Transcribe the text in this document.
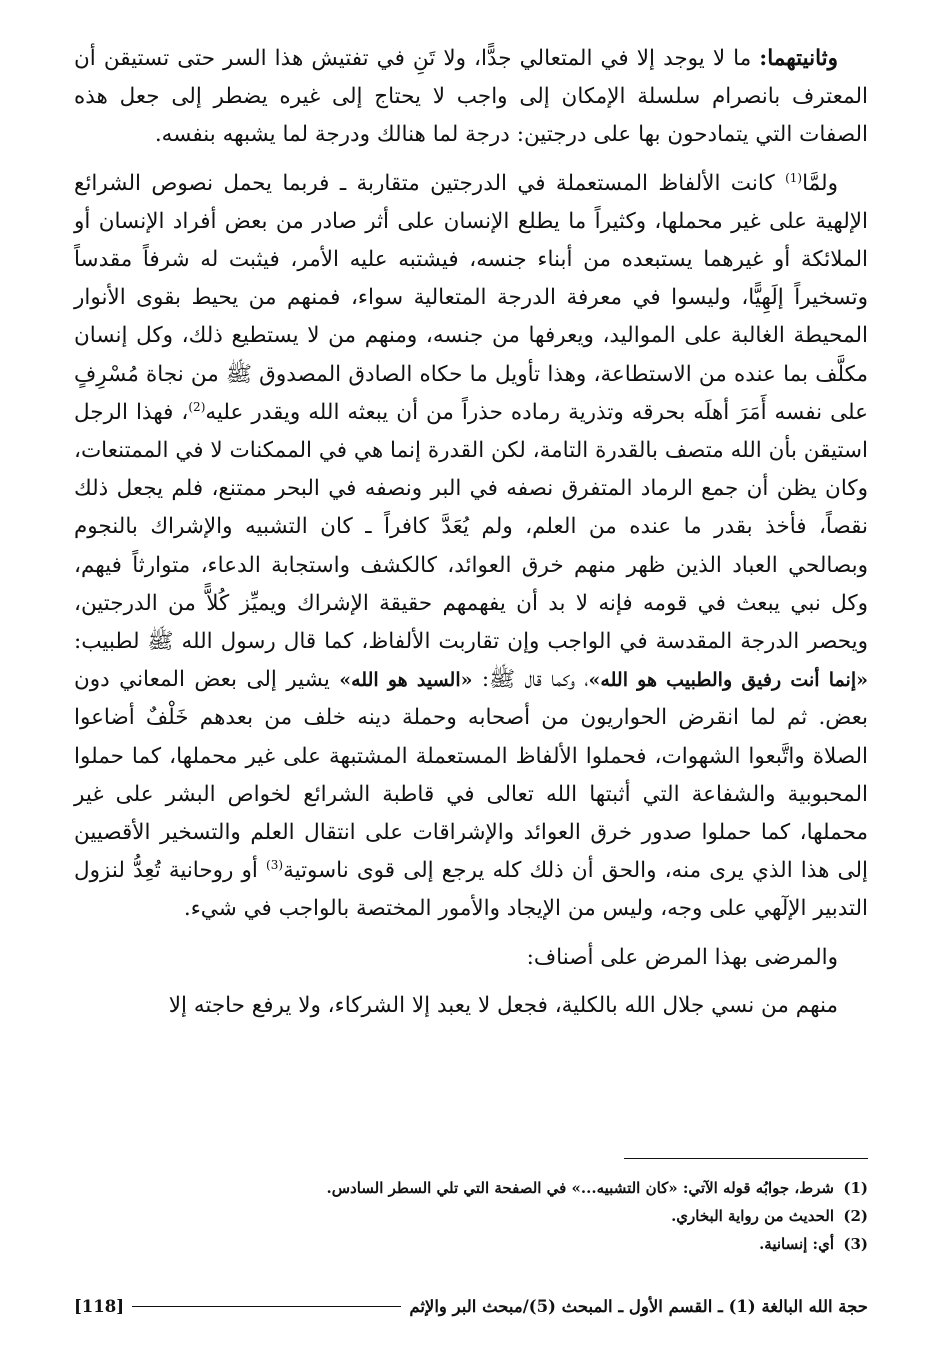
وثانيتهما: ما لا يوجد إلا في المتعالي جدًّا، ولا تَنِ في تفتيش هذا السر حتى تستيقن أن المعترف بانصرام سلسلة الإمكان إلى واجب لا يحتاج إلى غيره يضطر إلى جعل هذه الصفات التي يتمادحون بها على درجتين: درجة لما هنالك ودرجة لما يشبهه بنفسه.

ولمَّا$^{(1)}$ كانت الألفاظ المستعملة في الدرجتين متقاربة ـ فربما يحمل نصوص الشرائع الإلهية على غير محملها، وكثيراً ما يطلع الإنسان على أثر صادر من بعض أفراد الإنسان أو الملائكة أو غيرهما يستبعده من أبناء جنسه، فيشتبه عليه الأمر، فيثبت له شرفاً مقدساً وتسخيراً إلَهِيًّا، وليسوا في معرفة الدرجة المتعالية سواء، فمنهم من يحيط بقوى الأنوار المحيطة الغالبة على المواليد، ويعرفها من جنسه، ومنهم من لا يستطيع ذلك، وكل إنسان مكلَّف بما عنده من الاستطاعة، وهذا تأويل ما حكاه الصادق المصدوق ﷺ من نجاة مُسْرِفٍ على نفسه أَمَرَ أهلَه بحرقه وتذرية رماده حذراً من أن يبعثه الله ويقدر عليه$^{(2)}$، فهذا الرجل استيقن بأن الله متصف بالقدرة التامة، لكن القدرة إنما هي في الممكنات لا في الممتنعات، وكان يظن أن جمع الرماد المتفرق نصفه في البر ونصفه في البحر ممتنع، فلم يجعل ذلك نقصاً، فأخذ بقدر ما عنده من العلم، ولم يُعَدَّ كافراً ـ كان التشبيه والإشراك بالنجوم وبصالحي العباد الذين ظهر منهم خرق العوائد، كالكشف واستجابة الدعاء، متوارثاً فيهم، وكل نبي يبعث في قومه فإنه لا بد أن يفهمهم حقيقة الإشراك ويميِّز كُلاًّ من الدرجتين، ويحصر الدرجة المقدسة في الواجب وإن تقاربت الألفاظ، كما قال رسول الله ﷺ لطبيب: «إنما أنت رفيق والطبيب هو الله»، وكما قال ﷺ: «السيد هو الله» يشير إلى بعض المعاني دون بعض. ثم لما انقرض الحواريون من أصحابه وحملة دينه خلف من بعدهم خَلْفٌ أضاعوا الصلاة واتَّبعوا الشهوات، فحملوا الألفاظ المستعملة المشتبهة على غير محملها، كما حملوا المحبوبية والشفاعة التي أثبتها الله تعالى في قاطبة الشرائع لخواص البشر على غير محملها، كما حملوا صدور خرق العوائد والإشراقات على انتقال العلم والتسخير الأقصيين إلى هذا الذي يرى منه، والحق أن ذلك كله يرجع إلى قوى ناسوتية$^{(3)}$ أو روحانية تُعِدُّ لنزول التدبير الإلٓهي على وجه، وليس من الإيجاد والأمور المختصة بالواجب في شيء.

والمرضى بهذا المرض على أصناف:

منهم من نسي جلال الله بالكلية، فجعل لا يعبد إلا الشركاء، ولا يرفع حاجته إلا

(1)
شرط، جوابُه قوله الآتي: «كان التشبيه...» في الصفحة التي تلي السطر السادس.
(2)
الحديث من رواية البخاري.
(3)
أي: إنسانية.
حجة الله البالغة (1) ـ القسم الأول ـ المبحث (5)/مبحث البر والإثم
[118]
